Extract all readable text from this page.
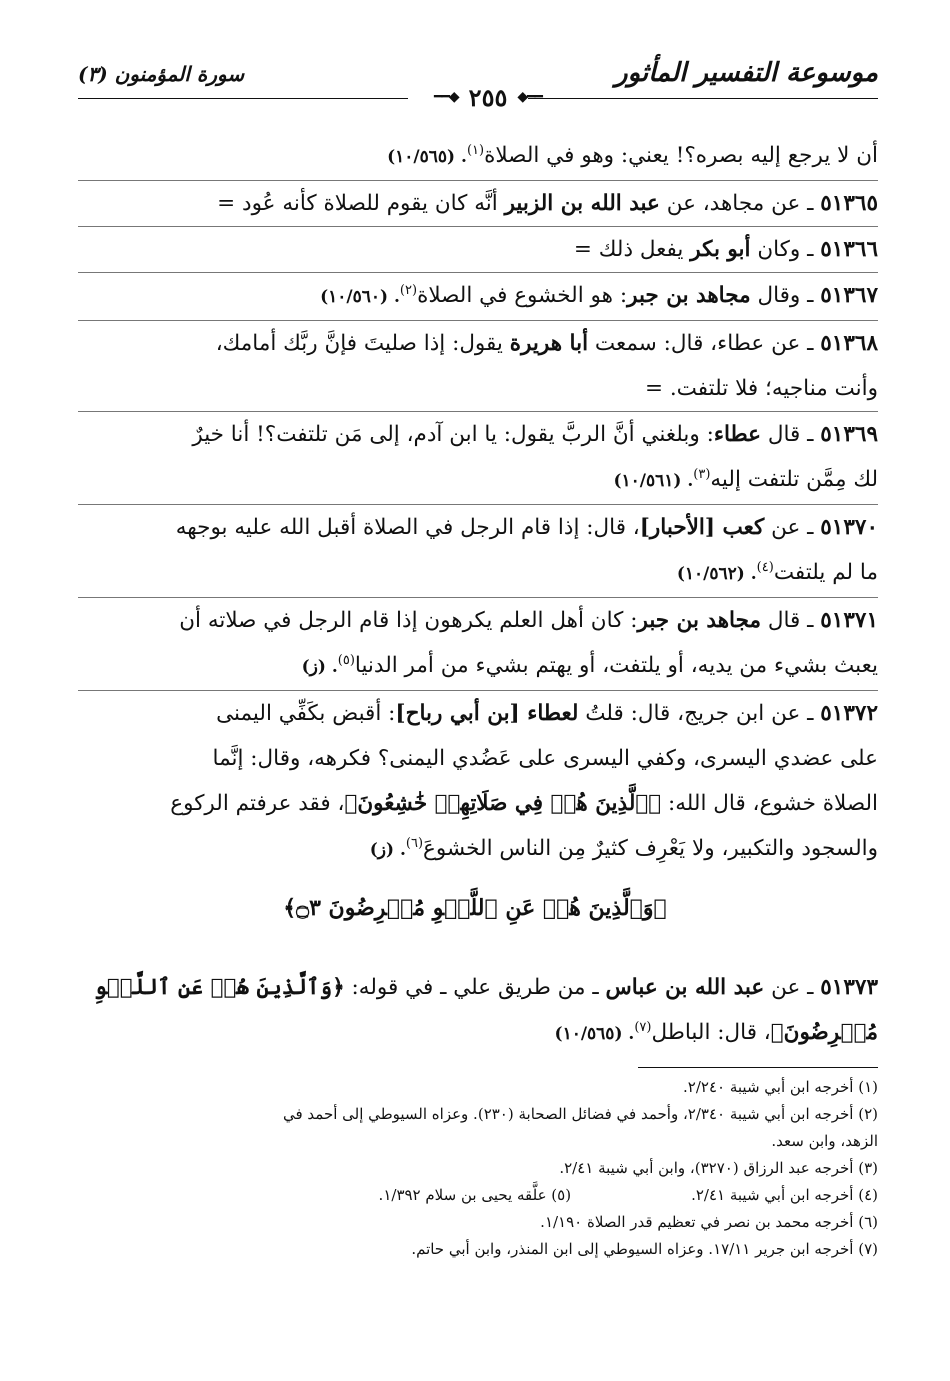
موسوعة التفسير المأثور
━━◆
٢٥٥
◆━━
سورة المؤمنون (٣)
أن لا يرجع إليه بصره؟! يعني: وهو في الصلاة$^{(١)}$. (١٠/٥٦٥)
٥١٣٦٥ ـ عن مجاهد، عن عبد الله بن الزبير أنَّه كان يقوم للصلاة كأنه عُود =
٥١٣٦٦ ـ وكان أبو بكر يفعل ذلك =
٥١٣٦٧ ـ وقال مجاهد بن جبر: هو الخشوع في الصلاة$^{(٢)}$. (١٠/٥٦٠)
٥١٣٦٨ ـ عن عطاء، قال: سمعت أبا هريرة يقول: إذا صليتَ فإنَّ ربَّك أمامك،
وأنت مناجيه؛ فلا تلتفت. =
٥١٣٦٩ ـ قال عطاء: وبلغني أنَّ الربَّ يقول: يا ابن آدم، إلى مَن تلتفت؟! أنا خيرٌ
لك مِمَّن تلتفت إليه$^{(٣)}$. (١٠/٥٦١)
٥١٣٧٠ ـ عن كعب [الأحبار]، قال: إذا قام الرجل في الصلاة أقبل الله عليه بوجهه
ما لم يلتفت$^{(٤)}$. (١٠/٥٦٢)
٥١٣٧١ ـ قال مجاهد بن جبر: كان أهل العلم يكرهون إذا قام الرجل في صلاته أن
يعبث بشيء من يديه، أو يلتفت، أو يهتم بشيء من أمر الدنيا$^{(٥)}$. (ز)
٥١٣٧٢ ـ عن ابن جريج، قال: قلتُ لعطاء [بن أبي رباح]: أقبض بكَفِّي اليمنى
على عضدي اليسرى، وكفي اليسرى على عَضُدي اليمنى؟ فكرهه، وقال: إنَّما
الصلاة خشوع، قال الله: ﴿ٱلَّذِينَ هُمۡ فِي صَلَاتِهِمۡ خَٰشِعُونَ﴾، فقد عرفتم الركوع
والسجود والتكبير، ولا يَعْرِف كثيرٌ مِن الناس الخشوعَ$^{(٦)}$. (ز)
﴿وَٱلَّذِينَ هُمۡ عَنِ ٱللَّغۡوِ مُعۡرِضُونَ ۝٣﴾
٥١٣٧٣ ـ عن عبد الله بن عباس ـ من طريق علي ـ في قوله: ﴿وَٱلَّذِينَ هُمۡ عَنِ ٱللَّغۡوِ
مُعۡرِضُونَ﴾، قال: الباطل$^{(٧)}$. (١٠/٥٦٥)
(١) أخرجه ابن أبي شيبة ٢/٢٤٠.
(٢) أخرجه ابن أبي شيبة ٢/٣٤٠، وأحمد في فضائل الصحابة (٢٣٠). وعزاه السيوطي إلى أحمد في
الزهد، وابن سعد.
(٣) أخرجه عبد الرزاق (٣٢٧٠)، وابن أبي شيبة ٢/٤١.
(٤) أخرجه ابن أبي شيبة ٢/٤١.
(٥) علَّقه يحيى بن سلام ١/٣٩٢.
(٦) أخرجه محمد بن نصر في تعظيم قدر الصلاة ١/١٩٠.
(٧) أخرجه ابن جرير ١٧/١١. وعزاه السيوطي إلى ابن المنذر، وابن أبي حاتم.
